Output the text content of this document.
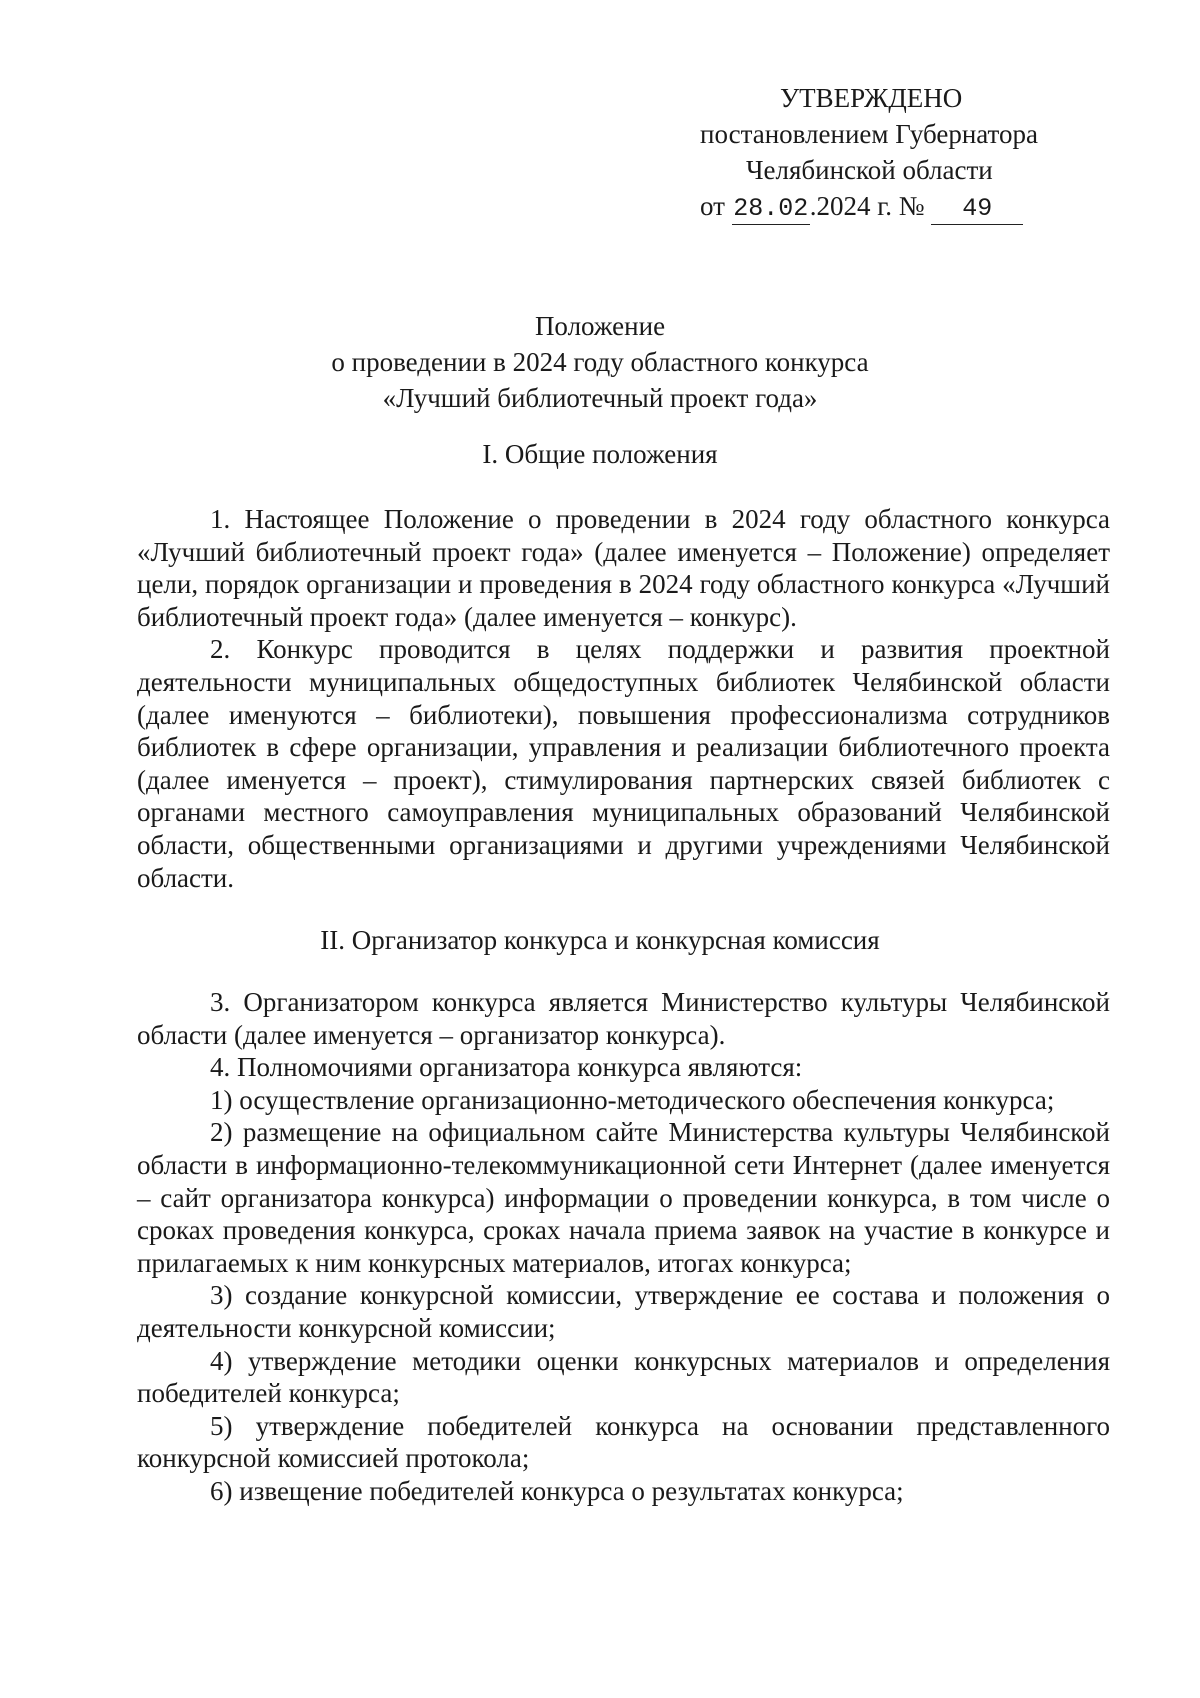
УТВЕРЖДЕНО
постановлением Губернатора
Челябинской области
от 28.02.2024 г. № 49
Положение
о проведении в 2024 году областного конкурса
«Лучший библиотечный проект года»
I. Общие положения

1. Настоящее Положение о проведении в 2024 году областного конкурса «Лучший библиотечный проект года» (далее именуется – Положение) определяет цели, порядок организации и проведения в 2024 году областного конкурса «Лучший библиотечный проект года» (далее именуется – конкурс).

2. Конкурс проводится в целях поддержки и развития проектной деятельности муниципальных общедоступных библиотек Челябинской области (далее именуются – библиотеки), повышения профессионализма сотрудников библиотек в сфере организации, управления и реализации библиотечного проекта (далее именуется – проект), стимулирования партнерских связей библиотек с органами местного самоуправления муниципальных образований Челябинской области, общественными организациями и другими учреждениями Челябинской области.

II. Организатор конкурса и конкурсная комиссия

3. Организатором конкурса является Министерство культуры Челябинской области (далее именуется – организатор конкурса).

4. Полномочиями организатора конкурса являются:

1) осуществление организационно-методического обеспечения конкурса;

2) размещение на официальном сайте Министерства культуры Челябинской области в информационно-телекоммуникационной сети Интернет (далее именуется – сайт организатора конкурса) информации о проведении конкурса, в том числе о сроках проведения конкурса, сроках начала приема заявок на участие в конкурсе и прилагаемых к ним конкурсных материалов, итогах конкурса;

3) создание конкурсной комиссии, утверждение ее состава и положения о деятельности конкурсной комиссии;

4) утверждение методики оценки конкурсных материалов и определения победителей конкурса;

5) утверждение победителей конкурса на основании представленного конкурсной комиссией протокола;

6) извещение победителей конкурса о результатах конкурса;
